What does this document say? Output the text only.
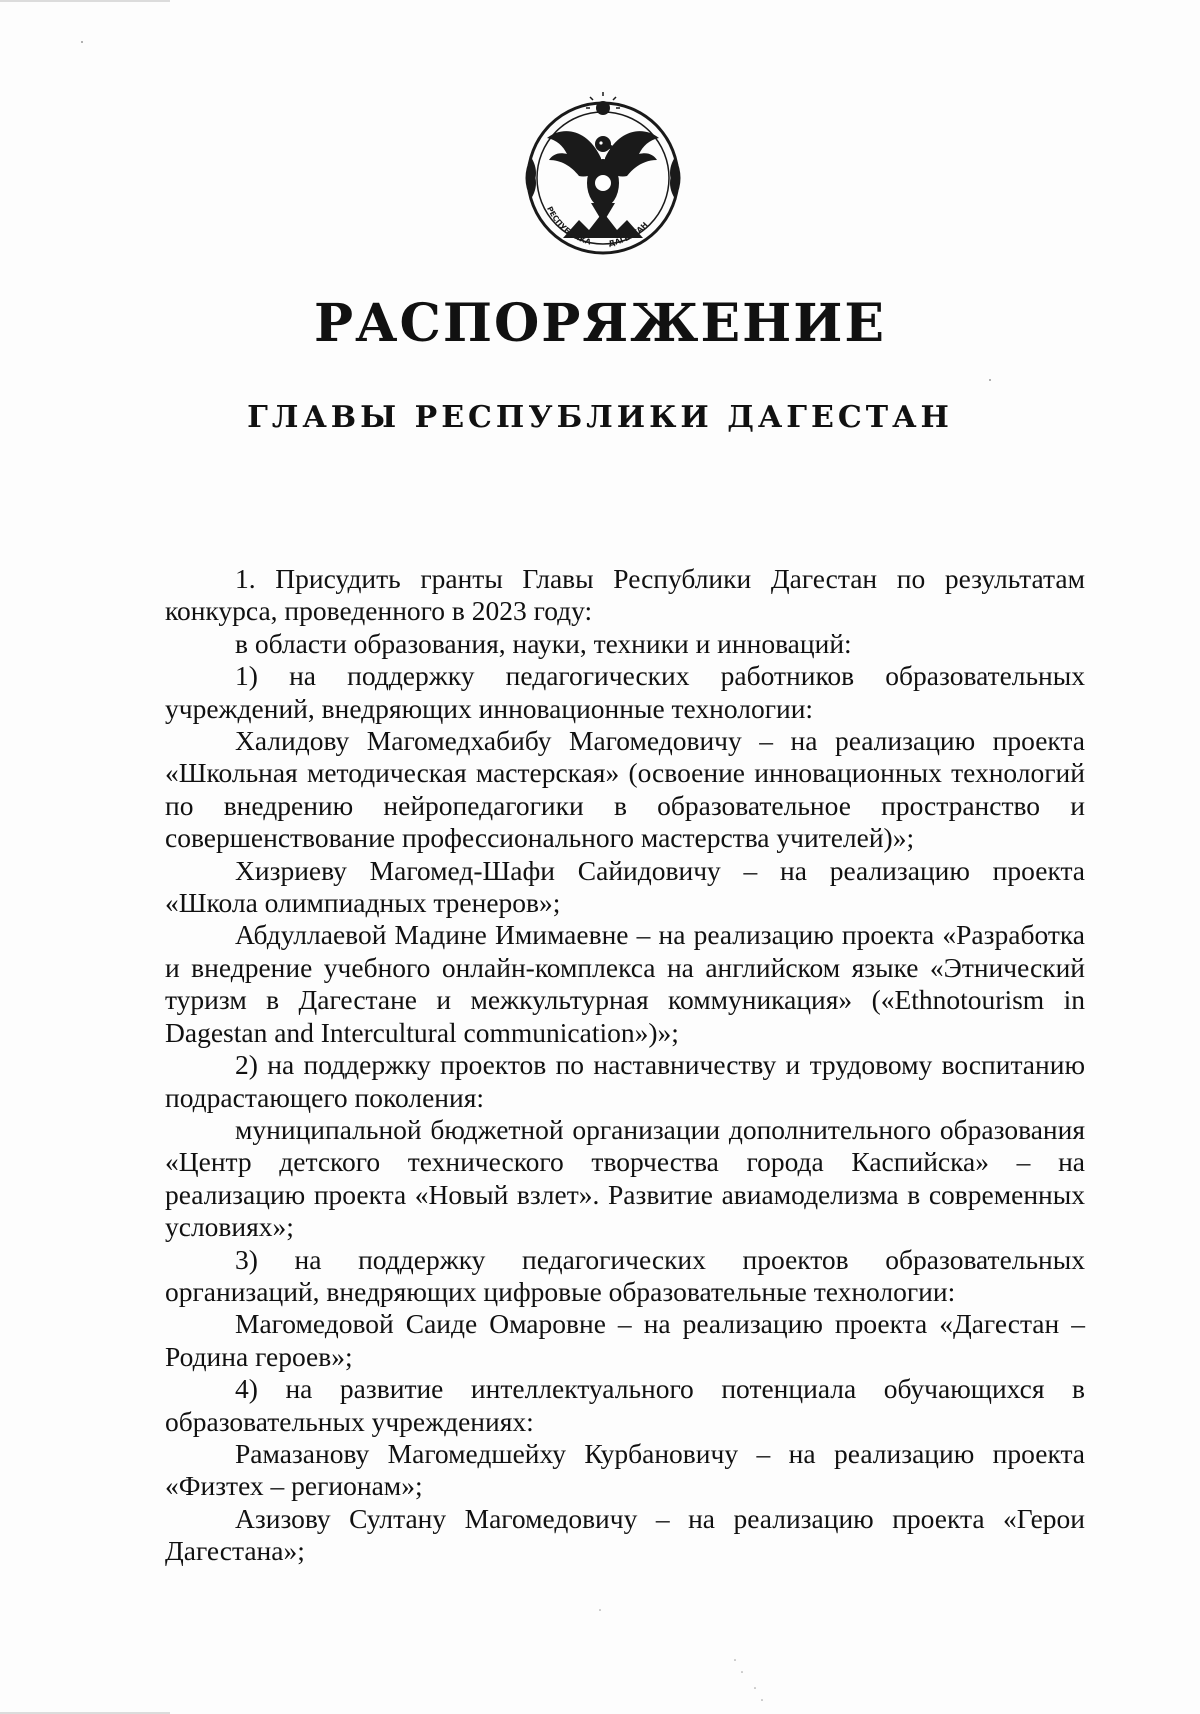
РЕСПУБЛИКА ДАГЕСТАН
РАСПОРЯЖЕНИЕ
ГЛАВЫ РЕСПУБЛИКИ ДАГЕСТАН

1. Присудить гранты Главы Республики Дагестан по результатам конкурса, проведенного в 2023 году:

в области образования, науки, техники и инноваций:

1) на поддержку педагогических работников образовательных учреждений, внедряющих инновационные технологии:

Халидову Магомедхабибу Магомедовичу – на реализацию проекта «Школьная методическая мастерская» (освоение инновационных технологий по внедрению нейропедагогики в образовательное пространство и совершенствование профессионального мастерства учителей)»;

Хизриеву Магомед-Шафи Сайидовичу – на реализацию проекта «Школа олимпиадных тренеров»;

Абдуллаевой Мадине Имимаевне – на реализацию проекта «Разработка и внедрение учебного онлайн-комплекса на английском языке «Этнический туризм в Дагестане и межкультурная коммуникация» («Ethnotourism in Dagestan and Intercultural communication»)»;

2) на поддержку проектов по наставничеству и трудовому воспитанию подрастающего поколения:

муниципальной бюджетной организации дополнительного образования «Центр детского технического творчества города Каспийска» – на реализацию проекта «Новый взлет». Развитие авиамоделизма в современных условиях»;

3) на поддержку педагогических проектов образовательных организаций, внедряющих цифровые образовательные технологии:

Магомедовой Саиде Омаровне – на реализацию проекта «Дагестан – Родина героев»;

4) на развитие интеллектуального потенциала обучающихся в образовательных учреждениях:

Рамазанову Магомедшейху Курбановичу – на реализацию проекта «Физтех – регионам»;

Азизову Султану Магомедовичу – на реализацию проекта «Герои Дагестана»;
